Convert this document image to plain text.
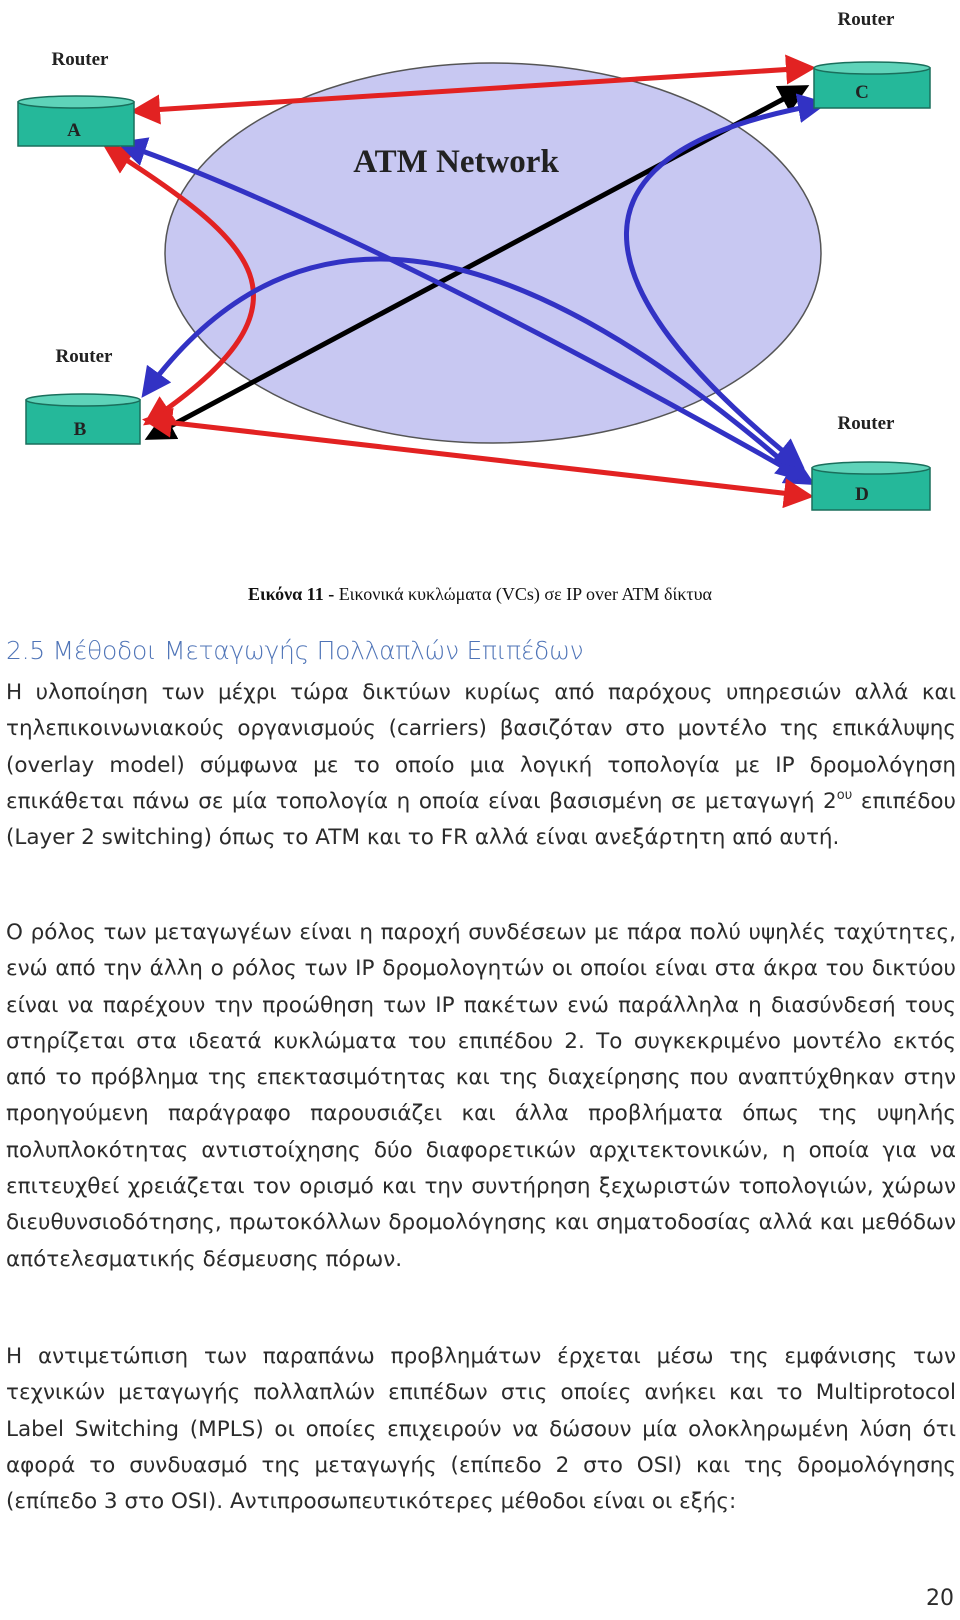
ATM Network
A
Router
B
Router
C
Router
D
Router
Εικόνα 11 - Εικονικά κυκλώματα (VCs) σε IP over ATM δίκτυα
2.5 Μέθοδοι Μεταγωγής Πολλαπλών Επιπέδων

Η υλοποίηση των μέχρι τώρα δικτύων κυρίως από παρόχους υπηρεσιών αλλά και τηλεπικοινωνιακούς οργανισμούς (carriers) βασιζόταν στο μοντέλο της επικάλυψης (overlay model) σύμφωνα με το οποίο μια λογική τοπολογία με IP δρομολόγηση επικάθεται πάνω σε μία τοπολογία η οποία είναι βασισμένη σε μεταγωγή $2^{o\upsilon}$ επιπέδου (Layer 2 switching) όπως το ATM και το FR αλλά είναι ανεξάρτητη από αυτή.

Ο ρόλος των μεταγωγέων είναι η παροχή συνδέσεων με πάρα πολύ υψηλές ταχύτητες, ενώ από την άλλη ο ρόλος των IP δρομολογητών οι οποίοι είναι στα άκρα του δικτύου είναι να παρέχουν την προώθηση των IP πακέτων ενώ παράλληλα η διασύνδεσή τους στηρίζεται στα ιδεατά κυκλώματα του επιπέδου 2. Το συγκεκριμένο μοντέλο εκτός από το πρόβλημα της επεκτασιμότητας και της διαχείρησης που αναπτύχθηκαν στην προηγούμενη παράγραφο παρουσιάζει και άλλα προβλήματα όπως της υψηλής πολυπλοκότητας αντιστοίχησης δύο διαφορετικών αρχιτεκτονικών, η οποία για να επιτευχθεί χρειάζεται τον ορισμό και την συντήρηση ξεχωριστών τοπολογιών, χώρων διευθυνσιοδότησης, πρωτοκόλλων δρομολόγησης και σηματοδοσίας αλλά και μεθόδων απότελεσματικής δέσμευσης πόρων.

Η αντιμετώπιση των παραπάνω προβλημάτων έρχεται μέσω της εμφάνισης των τεχνικών μεταγωγής πολλαπλών επιπέδων στις οποίες ανήκει και το Multiprotocol Label Switching (MPLS) οι οποίες επιχειρούν να δώσουν μία ολοκληρωμένη λύση ότι αφορά το συνδυασμό της μεταγωγής (επίπεδο 2 στο OSI) και της δρομολόγησης (επίπεδο 3 στο OSI). Αντιπροσωπευτικότερες μέθοδοι είναι οι εξής:

20
